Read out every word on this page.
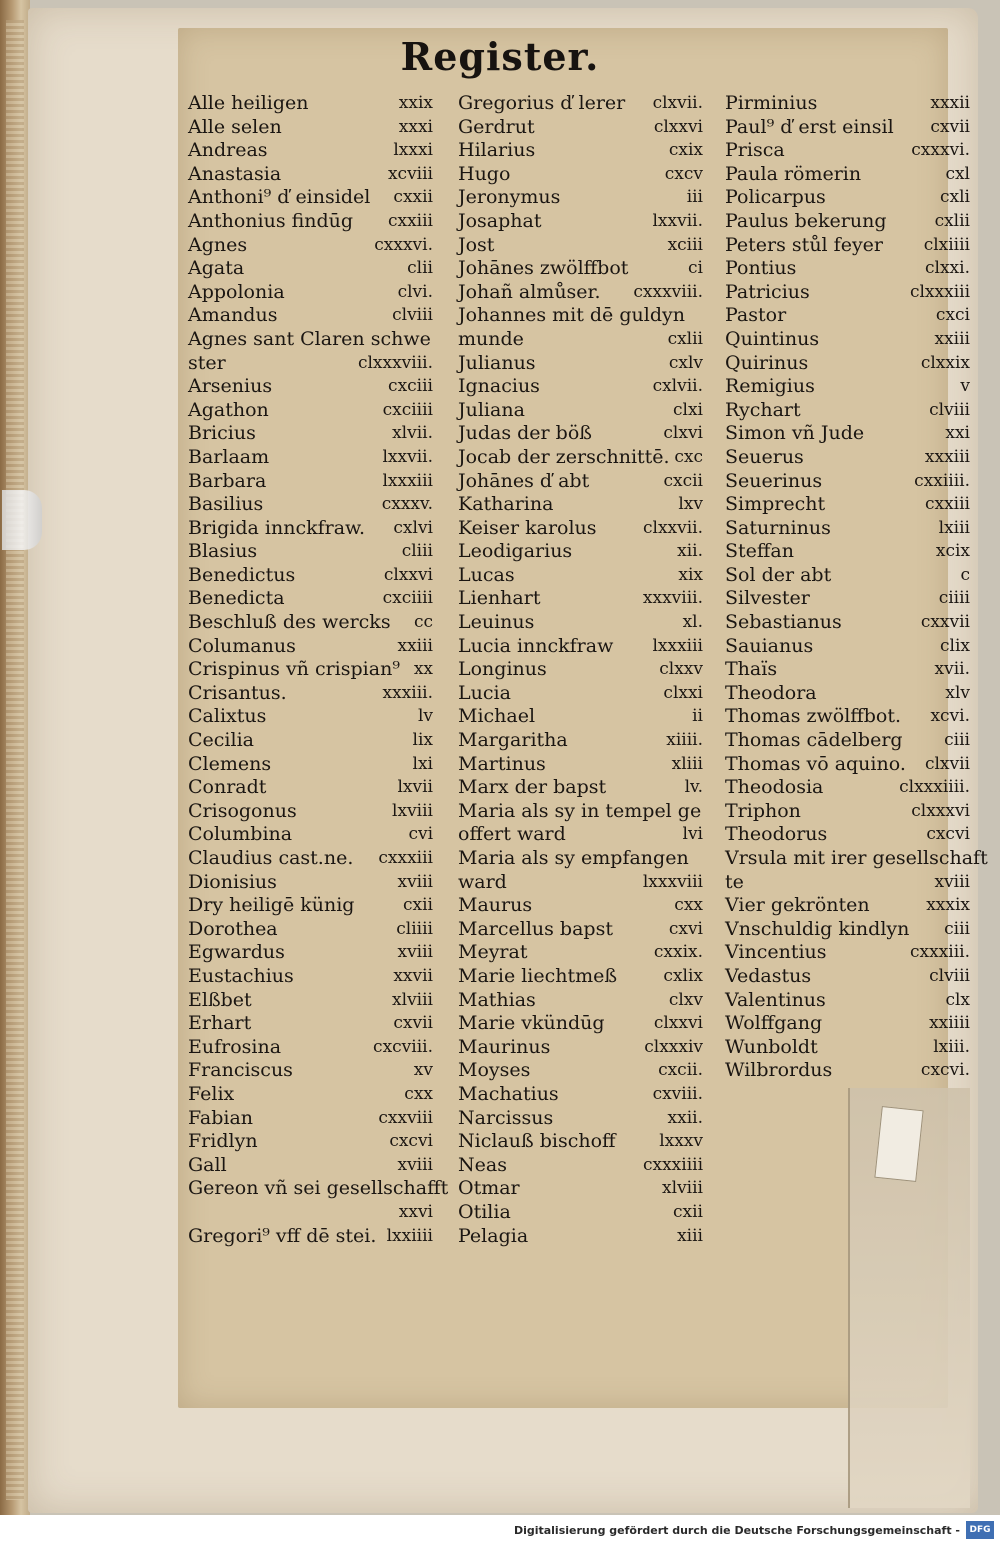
Register.
Alle heiligen	xxix
Alle selen	xxxi
Andreas	lxxxi
Anastasia	xcviii
Anthoni⁹ ď einsidel cxxii
Anthonius findūg cxxiii
Agnes	cxxxvi.
Agata	clii
Appolonia	clvi.
Amandus	clviii
Agnes sant Claren schwe
ster	clxxxviii.
Arsenius	cxciii
Agathon	cxciiii
Bricius	xlvii.
Barlaam	lxxvii.
Barbara	lxxxiii
Basilius	cxxxv.
Brigida innckfraw. cxlvi
Blasius	cliii
Benedictus	clxxvi
Benedicta	cxciiii
Beschluß des wercks cc
Columanus	xxiii
Crispinus vñ crispian⁹ xx
Crisantus.	xxxiii.
Calixtus	lv
Cecilia	lix
Clemens	lxi
Conradt	lxvii
Crisogonus	lxviii
Columbina	cvi
Claudius cast.ne. cxxxiii
Dionisius	xviii
Dry heiligē künig	cxii
Dorothea	cliiii
Egwardus	xviii
Eustachius	xxvii
Elßbet	xlviii
Erhart	cxvii
Eufrosina	cxcviii.
Franciscus	xv
Felix	cxx
Fabian	cxxviii
Fridlyn	cxcvi
Gall	xviii
Gereon vñ sei gesellschafft
xxvi
Gregori⁹ vff dē stei. lxxiiii
Gregorius ď lerer clxvii.
Gerdrut	clxxvi
Hilarius	cxix
Hugo	cxcv
Jeronymus	iii
Josaphat	lxxvii.
Jost	xciii
Johānes zwölffbot	ci
Johañ almůser. cxxxviii.
Johannes mit dē guldyn
munde	cxlii
Julianus	cxlv
Ignacius	cxlvii.
Juliana	clxi
Judas der böß	clxvi
Jocab der zerschnittē. cxc
Johānes ď abt	cxcii
Katharina	lxv
Keiser karolus	clxxvii.
Leodigarius	xii.
Lucas	xix
Lienhart	xxxviii.
Leuinus	xl.
Lucia innckfraw lxxxiii
Longinus	clxxv
Lucia	clxxi
Michael	ii
Margaritha	xiiii.
Martinus	xliii
Marx der bapst	lv.
Maria als sy in tempel ge
offert ward	lvi
Maria als sy empfangen
ward	lxxxviii
Maurus	cxx
Marcellus bapst	cxvi
Meyrat	cxxix.
Marie liechtmeß	cxlix
Mathias	clxv
Marie vkündūg	clxxvi
Maurinus	clxxxiv
Moyses	cxcii.
Machatius	cxviii.
Narcissus	xxii.
Niclauß bischoff	lxxxv
Neas	cxxxiiii
Otmar	xlviii
Otilia	cxii
Pelagia	xiii
Pirminius	xxxii
Paul⁹ ď erst einsil cxvii
Prisca	cxxxvi.
Paula römerin	cxl
Policarpus	cxli
Paulus bekerung	cxlii
Peters stůl feyer clxiiii
Pontius	clxxi.
Patricius	clxxxiii
Pastor	cxci
Quintinus	xxiii
Quirinus	clxxix
Remigius	v
Rychart	clviii
Simon vñ Jude	xxi
Seuerus	xxxiii
Seuerinus	cxxiiii.
Simprecht	cxxiii
Saturninus	lxiii
Steffan	xcix
Sol der abt	c
Silvester	ciiii
Sebastianus	cxxvii
Sauianus	clix
Thaïs	xvii.
Theodora	xlv
Thomas zwölffbot. xcvi.
Thomas cādelberg ciii
Thomas vō aquino. clxvii
Theodosia	clxxxiiii.
Triphon	clxxxvi
Theodorus	cxcvi
Vrsula mit irer gesellschaft
te	xviii
Vier gekrönten	xxxix
Vnschuldig kindlyn ciii
Vincentius	cxxxiii.
Vedastus	clviii
Valentinus	clx
Wolffgang	xxiiii
Wunboldt	lxiii.
Wilbrordus	cxcvi.
Digitalisierung gefördert durch die Deutsche Forschungsgemeinschaft -	DFG
